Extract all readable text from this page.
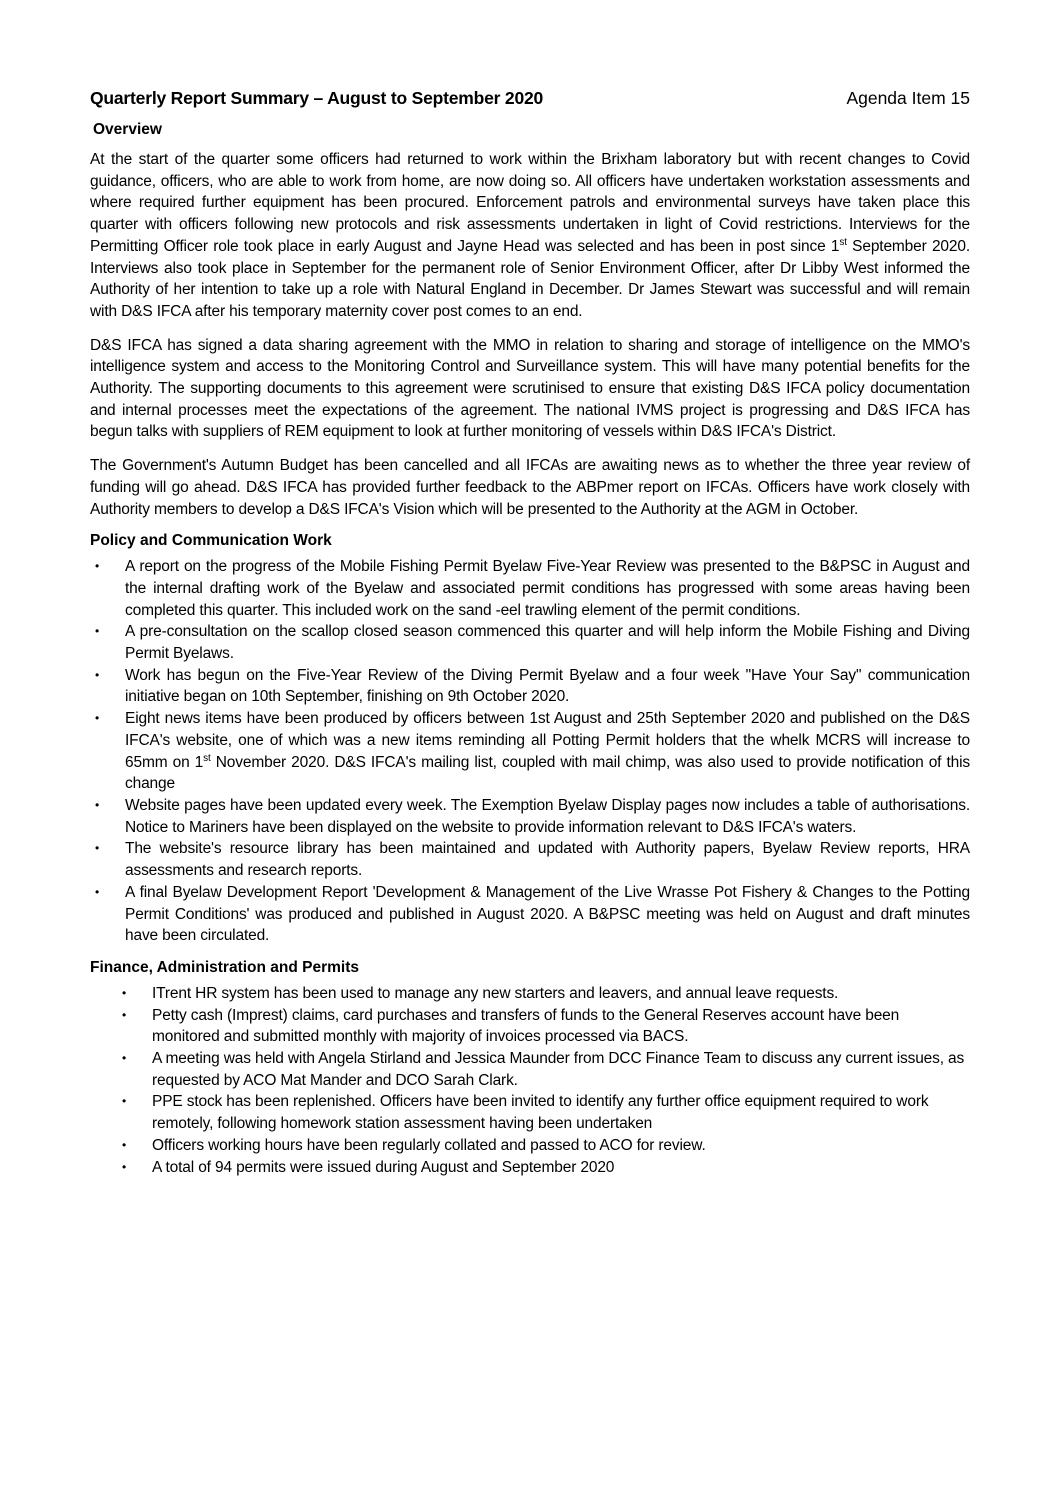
Quarterly Report Summary – August to September 2020	Agenda Item 15
Overview

At the start of the quarter some officers had returned to work within the Brixham laboratory but with recent changes to Covid guidance, officers, who are able to work from home, are now doing so. All officers have undertaken workstation assessments and where required further equipment has been procured. Enforcement patrols and environmental surveys have taken place this quarter with officers following new protocols and risk assessments undertaken in light of Covid restrictions. Interviews for the Permitting Officer role took place in early August and Jayne Head was selected and has been in post since 1st September 2020. Interviews also took place in September for the permanent role of Senior Environment Officer, after Dr Libby West informed the Authority of her intention to take up a role with Natural England in December. Dr James Stewart was successful and will remain with D&S IFCA after his temporary maternity cover post comes to an end.

D&S IFCA has signed a data sharing agreement with the MMO in relation to sharing and storage of intelligence on the MMO's intelligence system and access to the Monitoring Control and Surveillance system. This will have many potential benefits for the Authority. The supporting documents to this agreement were scrutinised to ensure that existing D&S IFCA policy documentation and internal processes meet the expectations of the agreement. The national IVMS project is progressing and D&S IFCA has begun talks with suppliers of REM equipment to look at further monitoring of vessels within D&S IFCA's District.

The Government's Autumn Budget has been cancelled and all IFCAs are awaiting news as to whether the three year review of funding will go ahead. D&S IFCA has provided further feedback to the ABPmer report on IFCAs. Officers have work closely with Authority members to develop a D&S IFCA's Vision which will be presented to the Authority at the AGM in October.

Policy and Communication Work
• A report on the progress of the Mobile Fishing Permit Byelaw Five-Year Review was presented to the B&PSC in August and the internal drafting work of the Byelaw and associated permit conditions has progressed with some areas having been completed this quarter. This included work on the sand -eel trawling element of the permit conditions.
• A pre-consultation on the scallop closed season commenced this quarter and will help inform the Mobile Fishing and Diving Permit Byelaws.
• Work has begun on the Five-Year Review of the Diving Permit Byelaw and a four week "Have Your Say" communication initiative began on 10th September, finishing on 9th October 2020.
• Eight news items have been produced by officers between 1st August and 25th September 2020 and published on the D&S IFCA's website, one of which was a new items reminding all Potting Permit holders that the whelk MCRS will increase to 65mm on 1st November 2020. D&S IFCA's mailing list, coupled with mail chimp, was also used to provide notification of this change
• Website pages have been updated every week. The Exemption Byelaw Display pages now includes a table of authorisations. Notice to Mariners have been displayed on the website to provide information relevant to D&S IFCA's waters.
• The website's resource library has been maintained and updated with Authority papers, Byelaw Review reports, HRA assessments and research reports.
• A final Byelaw Development Report 'Development & Management of the Live Wrasse Pot Fishery & Changes to the Potting Permit Conditions' was produced and published in August 2020. A B&PSC meeting was held on August and draft minutes have been circulated.
Finance, Administration and Permits
• ITrent HR system has been used to manage any new starters and leavers, and annual leave requests.
• Petty cash (Imprest) claims, card purchases and transfers of funds to the General Reserves account have been monitored and submitted monthly with majority of invoices processed via BACS.
• A meeting was held with Angela Stirland and Jessica Maunder from DCC Finance Team to discuss any current issues, as requested by ACO Mat Mander and DCO Sarah Clark.
• PPE stock has been replenished. Officers have been invited to identify any further office equipment required to work remotely, following homework station assessment having been undertaken
• Officers working hours have been regularly collated and passed to ACO for review.
• A total of 94 permits were issued during August and September 2020
